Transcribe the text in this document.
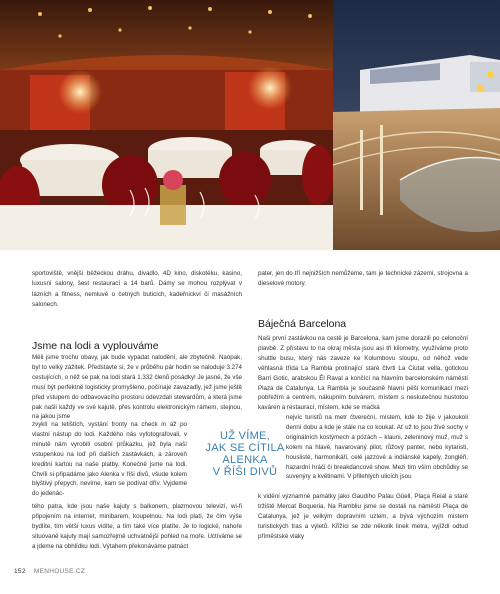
pater, jen do tří nejnižších nemůžeme, tam je technické zázemí, strojovna a dieselové motory.

sportoviště, vnější běžeckou dráhu, divadlo, 4D kino, diskotéku, kasino, luxusní salony, šest restaurací a 14 barů. Dámy se mohou rozplývat v lázních a fitness, nemluvě o četných buticích, kadeřnickví či masážních salonech.

Jsme na lodi a vyplouváme
Měli jsme trochu obavy, jak bude vypadat nalodění, ale zbytečně. Naopak, byl to velký zážitek. Představte si, že v průběhu pár hodin se naloduje 3.274 cestujících, o něž se pak na lodi stará 1.332 členů posádky! Je jasné, že vše musí být perfektně logisticky promyšleno, počínaje zavazadly, jež jsme ještě před vstupem do odbavovacího prostoru odevzdali stewardům, a která jsme pak našli každý ve své kajutě, přes kontrolu elektronickým rámem, stejnou, na jakou jsme
zvyklí na letištích, vystání fronty na check in až po vlastní nástup do lodi. Každého nás vyfotografovali, v minutě nám vyrobili osobní průkazku, jež byla naší vstupenkou na loď při dalších zastávkách, a zároveň kreditní kartou na naše platby. Konečně jsme na lodi. Chvíli si připadáme jako Alenka v říši divů, všude kolem blyštivý přepych, nevíme, kam se podívat dřív. Vyjdeme do jedenác-
tého patra, kde jsou naše kajuty s balkonem, plazmovou televizí, wi-fi připojením na internet, minibarem, koupelnou. Na lodi platí, že čím výše bydlíte, tím větší luxus vidíte, a tím také více platíte. Je to logické, nahoře situované kajuty mají samozřejmě uchvatnější pohled na moře. Uctíváme se a jdeme na obhlídku lodi. Výtahem překonáváme patnáct
Báječná Barcelona
Naši první zastávkou na cestě je Barcelona, kam jsme dorazili po celonoční plavbě. Z přístavu to na okraj města jsou asi tři kilometry, využíváme proto shuttle busu, který nás zaveze ke Kolumbovu sloupu, od něhož vede věhlasná třída La Rambla protínající staré čtvrti La Ciutat vella, gotickou Barri Gotic, arabskou Él Raval a končící na hlavním barcelonském náměstí Plaza de Catalunya. La Rambla je současně hlavní pěší komunikací mezi pobřežím a centrem, nákupním bulvárem, místem s neskutečnou hustotou kaváren a restaurací, místem, kde se mačká
nejvíc turistů na metr čtvereční, místem, kde to žije v jakoukoli denní dobu a kde je stále na co koukat. Ať už to jsou živé sochy v originálních kostýmech a pózách – klauni, zeleninový muž, muž s kolem na hlavě, havarovaný pilot, růžový panter, nebo kytaristi, houslisté, harmonikáři, celé jazzové a indiánské kapely, žongléři, hazardní hráči či breakdancové show. Mezi tím vším obchůdky se suvenýry a květinami. V přilehlých ulicích jsou
k vidění významné památky jako Gaudího Palau Güell, Plaça Reial a staré tržiště Mercat Boqueria. Na Rambliu jsme se dostali na náměstí Plaça de Catalunya, jež je velkým dopravním uzlem, a bývá výchozím místem turistických tras a výletů. Křižíci se zde několik linek metra, vyjíždí odtud příměstské vlaky
UŽ VÍME,
JAK SE CÍTILA
ALENKA
V ŘÍŠI DIVŮ
152 MENHOUSE.CZ
